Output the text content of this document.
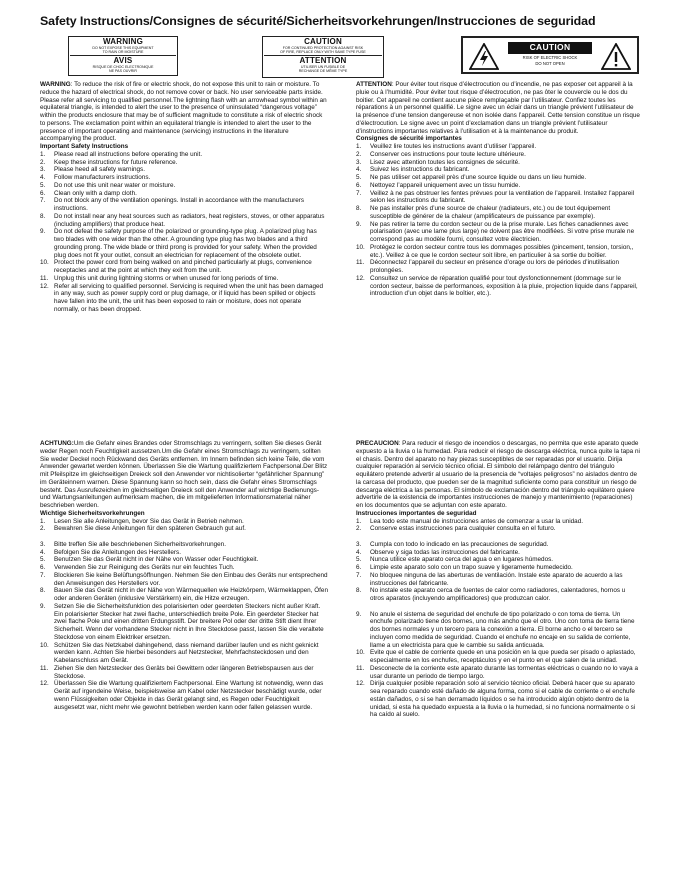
Safety Instructions/Consignes de sécurité/Sicherheitsvorkehrungen/Instrucciones de seguridad
WARNING
DO NOT EXPOSE THIS EQUIPMENT
TO RAIN OR MOISTURE
AVIS
RISQUE DE CHOC ELECTRONIQUE
NE PAS OUVRIR
CAUTION
FOR CONTINUED PROTECTION AGAINST RISK
OF FIRE, REPLACE ONLY WITH SAME TYPE FUSE
ATTENTION
UTILISER UN FUSIBLE DE
RECHANGE DE MÊME TYPE
CAUTION
RISK OF ELECTRIC SHOCK
DO NOT OPEN

WARNING: To reduce the risk of fire or electric shock, do not expose this unit to rain or moisture. To reduce the hazard of electrical shock, do not remove cover or back. No user serviceable parts inside. Please refer all servicing to qualified personnel.The lightning flash with an arrowhead symbol within an equilateral triangle, is intended to alert the user to the presence of uninsulated “dangerous voltage” within the products enclosure that may be of sufficient magnitude to constitute a risk of electric shock to persons. The exclamation point within an equilateral triangle is intended to alert the user to the presence of important operating and maintenance (servicing) instructions in the literature accompanying the product.

Important Safety Instructions

1.	Please read all instructions before operating the unit.
2.	Keep these instructions for future reference.
3.	Please heed all safety warnings.
4.	Follow manufacturers instructions.
5.	Do not use this unit near water or moisture.
6.	Clean only with a damp cloth.
7.	Do not block any of the ventilation openings. Install in accordance with the manufacturers instructions.
8.	Do not install near any heat sources such as radiators, heat registers, stoves, or other apparatus (including amplifiers) that produce heat.
9.	Do not defeat the safety purpose of the polarized or grounding-type plug. A polarized plug has two blades with one wider than the other. A grounding type plug has two blades and a third grounding prong. The wide blade or third prong is provided for your safety. When the provided plug does not fit your outlet, consult an electrician for replacement of the obsolete outlet.
10. Protect the power cord from being walked on and pinched particularly at plugs, convenience receptacles and at the point at which they exit from the unit.
11. Unplug this unit during lightning storms or when unused for long periods of time.
12. Refer all servicing to qualified personnel. Servicing is required when the unit has been damaged in any way, such as power supply cord or plug damage, or if liquid has been spilled or objects have fallen into the unit, the unit has been exposed to rain or moisture, does not operate normally, or has been dropped.

ATTENTION: Pour éviter tout risque d’électrocution ou d’incendie, ne pas exposer cet appareil à la pluie ou à l’humidité. Pour éviter tout risque d’électrocution, ne pas ôter le couvercle ou le dos du boitier. Cet appareil ne contient aucune pièce remplaçable par l’utilisateur. Confiez toutes les réparations à un personnel qualifié. Le signe avec un éclair dans un triangle prévient l’utilisateur de la présence d’une tension dangereuse et non isolée dans l’appareil. Cette tension constitue un risque d’électrocution. Le signe avec un point d’exclamation dans un triangle prévient l’utilisateur d’instructions importantes relatives à l’utilisation et à la maintenance du produit.

Consignes de sécurité importantes

1.	Veuillez lire toutes les instructions avant d’utiliser l’appareil.
2.	Conserver ces instructions pour toute lecture ultérieure.
3.	Lisez avec attention toutes les consignes de sécurité.
4.	Suivez les instructions du fabricant.
5.	Ne pas utiliser cet appareil près d’une source liquide ou dans un lieu humide.
6.	Nettoyez l’appareil uniquement avec un tissu humide.
7.	Veillez à ne pas obstruer les fentes prévues pour la ventilation de l’appareil. Installez l’appareil selon les instructions du fabricant.
8.	Ne pas installer près d’une source de chaleur (radiateurs, etc.) ou de tout équipement susceptible de générer de la chaleur (amplificateurs de puissance par exemple).
9.	Ne pas retirer la terre du cordon secteur ou de la prise murale. Les fiches canadiennes avec polarisation (avec une lame plus large) ne doivent pas être modifiées. Si votre prise murale ne correspond pas au modèle fourni, consultez votre électricien.
10. Protégez le cordon secteur contre tous les dommages possibles (pincement, tension, torsion,, etc.). Veillez à ce que le cordon secteur soit libre, en particulier à sa sortie du boîtier.
11. Déconnectez l’appareil du secteur en présence d’orage ou lors de périodes d’inutilisation prolongées.
12. Consultez un service de réparation qualifié pour tout dysfonctionnement (dommage sur le cordon secteur, baisse de performances, exposition à la pluie, projection liquide dans l’appareil, introduction d’un objet dans le boîtier, etc.).

ACHTUNG:Um die Gefahr eines Brandes oder Stromschlags zu verringern, sollten Sie dieses Gerät weder Regen noch Feuchtigkeit aussetzen.Um die Gefahr eines Stromschlags zu verringern, sollten Sie weder Deckel noch Rückwand des Geräts entfernen. Im Innern befinden sich keine Teile, die vom Anwender gewartet werden können. Überlassen Sie die Wartung qualifiziertem Fachpersonal.Der Blitz mit Pfeilspitze im gleichseitigen Dreieck soll den Anwender vor nichtisolierter “gefährlicher Spannung” im Geräteinnern warnen. Diese Spannung kann so hoch sein, dass die Gefahr eines Stromschlags besteht. Das Ausrufezeichen im gleichseitigen Dreieck soll den Anwender auf wichtige Bedienungs- und Wartungsanleitungen aufmerksam machen, die im mitgelieferten Informationsmaterial näher beschrieben werden.

Wichtige Sicherheitsvorkehrungen

1.	Lesen Sie alle Anleitungen, bevor Sie das Gerät in Betrieb nehmen.
2.	Bewahren Sie diese Anleitungen für den späteren Gebrauch gut auf.
3.	Bitte treffen Sie alle beschriebenen Sicherheitsvorkehrungen.
4.	Befolgen Sie die Anleitungen des Herstellers.
5.	Benutzen Sie das Gerät nicht in der Nähe von Wasser oder Feuchtigkeit.
6.	Verwenden Sie zur Reinigung des Geräts nur ein feuchtes Tuch.
7.	Blockieren Sie keine Belüftungsöffnungen. Nehmen Sie den Einbau des Geräts nur entsprechend den Anweisungen des Herstellers vor.
8.	Bauen Sie das Gerät nicht in der Nähe von Wärmequellen wie Heizkörpern, Wärmeklappen, Öfen oder anderen Geräten (inklusive Verstärkern) ein, die Hitze erzeugen.
9.	Setzen Sie die Sicherheitsfunktion des polarisierten oder geerdeten Steckers nicht außer Kraft. Ein polarisierter Stecker hat zwei flache, unterschiedlich breite Pole. Ein geerdeter Stecker hat zwei flache Pole und einen dritten Erdungsstift. Der breitere Pol oder der dritte Stift dient Ihrer Sicherheit. Wenn der vorhandene Stecker nicht in Ihre Steckdose passt, lassen Sie die veraltete Steckdose von einem Elektriker ersetzen.
10. Schützen Sie das Netzkabel dahingehend, dass niemand darüber laufen und es nicht geknickt werden kann. Achten Sie hierbei besonders auf Netzstecker, Mehrfachsteckdosen und den Kabelanschluss am Gerät.
11. Ziehen Sie den Netzstecker des Geräts bei Gewittern oder längeren Betriebspausen aus der Steckdose.
12. Überlassen Sie die Wartung qualifiziertem Fachpersonal. Eine Wartung ist notwendig, wenn das Gerät auf irgendeine Weise, beispielsweise am Kabel oder Netzstecker beschädigt wurde, oder wenn Flüssigkeiten oder Objekte in das Gerät gelangt sind, es Regen oder Feuchtigkeit ausgesetzt war, nicht mehr wie gewohnt betrieben werden kann oder fallen gelassen wurde.

PRECAUCION: Para reducir el riesgo de incendios o descargas, no permita que este aparato quede expuesto a la lluvia o la humedad. Para reducir el riesgo de descarga eléctrica, nunca quite la tapa ni el chasis. Dentro del aparato no hay piezas susceptibles de ser reparadas por el usuario. Dirija cualquier reparación al servicio técnico oficial. El símbolo del relámpago dentro del triángulo equilátero pretende advertir al usuario de la presencia de “voltajes peligrosos” no aislados dentro de la carcasa del producto, que pueden ser de la magnitud suficiente como para constituir un riesgo de descarga eléctrica a las personas. El símbolo de exclamación dentro del triángulo equilátero quiere advertirle de la existencia de importantes instrucciones de manejo y mantenimiento (reparaciones) en los documentos que se adjuntan con este aparato.

Instrucciones importantes de seguridad

1.	Lea todo este manual de instrucciones antes de comenzar a usar la unidad.
2.	Conserve estas instrucciones para cualquier consulta en el futuro.
3.	Cumpla con todo lo indicado en las precauciones de seguridad.
4.	Observe y siga todas las instrucciones del fabricante.
5.	Nunca utilice este aparato cerca del agua o en lugares húmedos.
6.	Limpie este aparato solo con un trapo suave y ligeramente humedecido.
7.	No bloquee ninguna de las aberturas de ventilación. Instale este aparato de acuerdo a las instrucciones del fabricante.
8.	No instale este aparato cerca de fuentes de calor como radiadores, calentadores, hornos u otros aparatos (incluyendo amplificadores) que produzcan calor.
9.	No anule el sistema de seguridad del enchufe de tipo polarizado o con toma de tierra. Un enchufe polarizado tiene dos bornes, uno más ancho que el otro. Uno con toma de tierra tiene dos bornes normales y un tercero para la conexión a tierra. El borne ancho o el tercero se incluyen como medida de seguridad. Cuando el enchufe no encaje en su salida de corriente, llame a un electricista para que le cambie su salida anticuada.
10. Evite que el cable de corriente quede en una posición en la que pueda ser pisado o aplastado, especialmente en los enchufes, receptáculos y en el punto en el que salen de la unidad.
11. Desconecte de la corriente este aparato durante las tormentas eléctricas o cuando no lo vaya a usar durante un periodo de tiempo largo.
12. Dirija cualquier posible reparación solo al servicio técnico oficial. Deberá hacer que su aparato sea reparado cuando esté dañado de alguna forma, como si el cable de corriente o el enchufe están dañados, o si se han derramado líquidos o se ha introducido algún objeto dentro de la unidad, si esta ha quedado expuesta a la lluvia o la humedad, si no funciona normalmente o si ha caído al suelo.
